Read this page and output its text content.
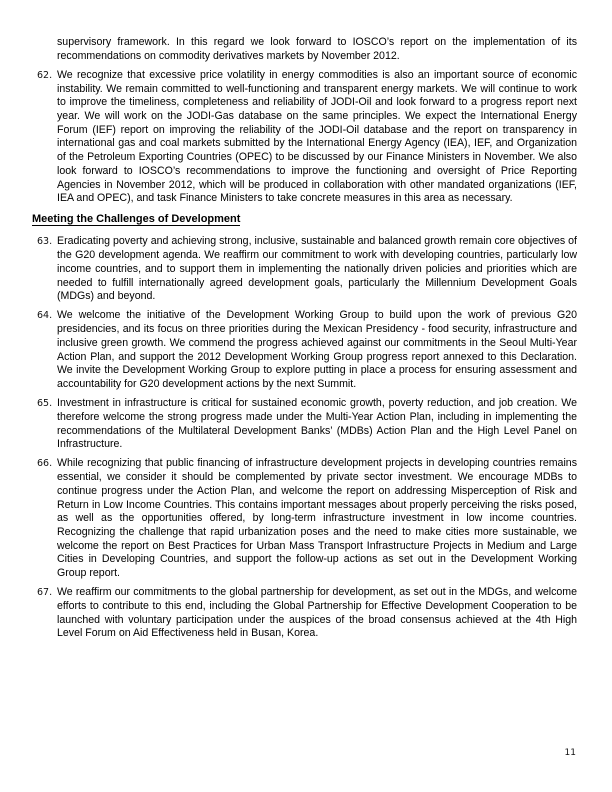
supervisory framework. In this regard we look forward to IOSCO’s report on the implementation of its recommendations on commodity derivatives markets by November 2012.

62. We recognize that excessive price volatility in energy commodities is also an important source of economic instability. We remain committed to well-functioning and transparent energy markets. We will continue to work to improve the timeliness, completeness and reliability of JODI-Oil and look forward to a progress report next year. We will work on the JODI-Gas database on the same principles. We expect the International Energy Forum (IEF) report on improving the reliability of the JODI-Oil database and the report on transparency in international gas and coal markets submitted by the International Energy Agency (IEA), IEF, and Organization of the Petroleum Exporting Countries (OPEC) to be discussed by our Finance Ministers in November. We also look forward to IOSCO’s recommendations to improve the functioning and oversight of Price Reporting Agencies in November 2012, which will be produced in collaboration with other mandated organizations (IEF, IEA and OPEC), and task Finance Ministers to take concrete measures in this area as necessary.

Meeting the Challenges of Development

63. Eradicating poverty and achieving strong, inclusive, sustainable and balanced growth remain core objectives of the G20 development agenda. We reaffirm our commitment to work with developing countries, particularly low income countries, and to support them in implementing the nationally driven policies and priorities which are needed to fulfill internationally agreed development goals, particularly the Millennium Development Goals (MDGs) and beyond.

64. We welcome the initiative of the Development Working Group to build upon the work of previous G20 presidencies, and its focus on three priorities during the Mexican Presidency - food security, infrastructure and inclusive green growth. We commend the progress achieved against our commitments in the Seoul Multi-Year Action Plan, and support the 2012 Development Working Group progress report annexed to this Declaration. We invite the Development Working Group to explore putting in place a process for ensuring assessment and accountability for G20 development actions by the next Summit.

65. Investment in infrastructure is critical for sustained economic growth, poverty reduction, and job creation. We therefore welcome the strong progress made under the Multi-Year Action Plan, including in implementing the recommendations of the Multilateral Development Banks’ (MDBs) Action Plan and the High Level Panel on Infrastructure.

66. While recognizing that public financing of infrastructure development projects in developing countries remains essential, we consider it should be complemented by private sector investment. We encourage MDBs to continue progress under the Action Plan, and welcome the report on addressing Misperception of Risk and Return in Low Income Countries. This contains important messages about properly perceiving the risks posed, as well as the opportunities offered, by long-term infrastructure investment in low income countries. Recognizing the challenge that rapid urbanization poses and the need to make cities more sustainable, we welcome the report on Best Practices for Urban Mass Transport Infrastructure Projects in Medium and Large Cities in Developing Countries, and support the follow-up actions as set out in the Development Working Group report.

67. We reaffirm our commitments to the global partnership for development, as set out in the MDGs, and welcome efforts to contribute to this end, including the Global Partnership for Effective Development Cooperation to be launched with voluntary participation under the auspices of the broad consensus achieved at the 4th High Level Forum on Aid Effectiveness held in Busan, Korea.

11
